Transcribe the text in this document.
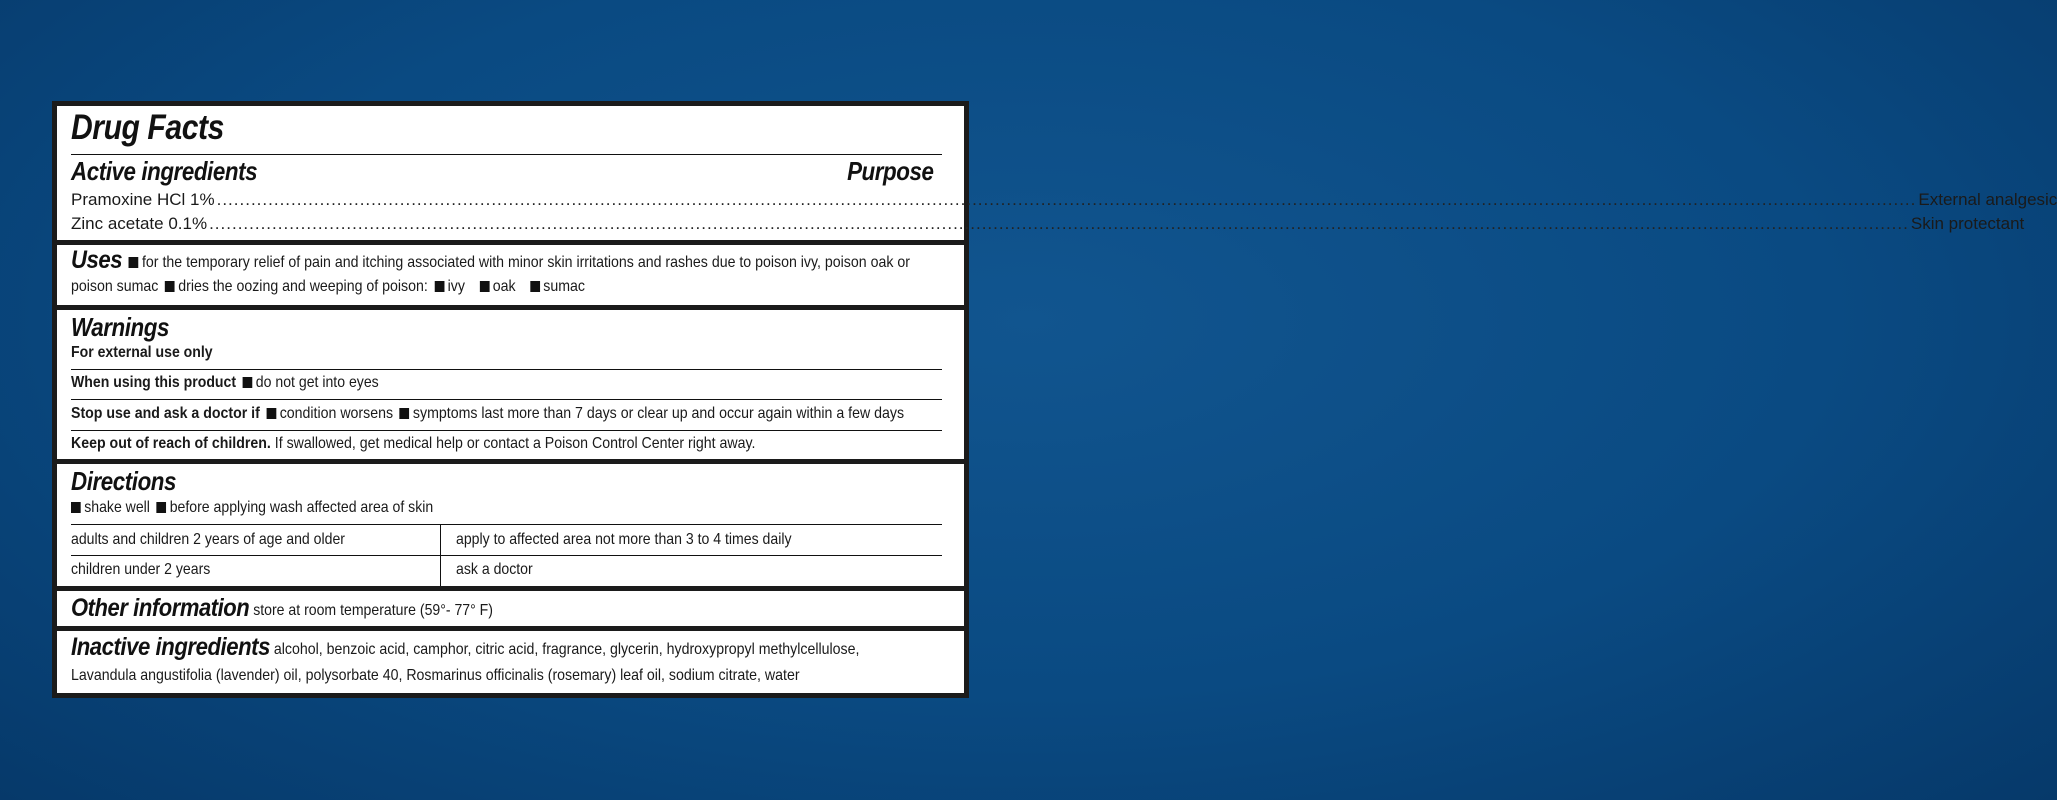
Drug Facts
Active ingredients	Purpose
Pramoxine HCl 1% ......................................................................................................................................................................................................................................................................................................... External analgesic
Zinc acetate 0.1% ......................................................................................................................................................................................................................................................................................................... Skin protectant
Uses for the temporary relief of pain and itching associated with minor skin irritations and rashes due to poison ivy, poison oak or
poison sumac dries the oozing and weeping of poison: ivy oak sumac
Warnings
For external use only
When using this product do not get into eyes
Stop use and ask a doctor if condition worsens symptoms last more than 7 days or clear up and occur again within a few days
Keep out of reach of children. If swallowed, get medical help or contact a Poison Control Center right away.
Directions
shake well before applying wash affected area of skin
adults and children 2 years of age and older	apply to affected area not more than 3 to 4 times daily
children under 2 years	ask a doctor
Other information store at room temperature (59°- 77° F)
Inactive ingredients alcohol, benzoic acid, camphor, citric acid, fragrance, glycerin, hydroxypropyl methylcellulose,
Lavandula angustifolia (lavender) oil, polysorbate 40, Rosmarinus officinalis (rosemary) leaf oil, sodium citrate, water
